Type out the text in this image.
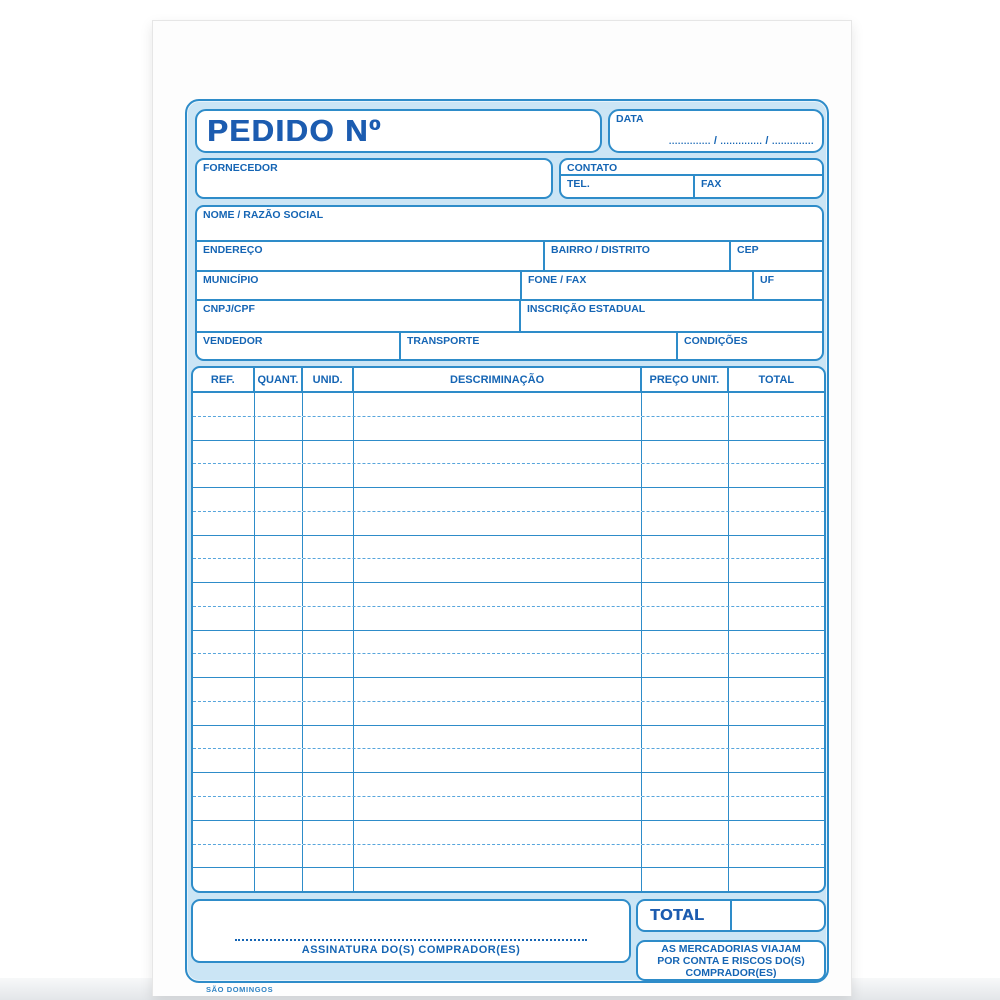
PEDIDO Nº	DATA
.............. / .............. / ..............
FORNECEDOR	CONTATO
TEL.	FAX
NOME / RAZÃO SOCIAL
ENDEREÇO	BAIRRO / DISTRITO	CEP
MUNICÍPIO	FONE / FAX	UF
CNPJ/CPF	INSCRIÇÃO ESTADUAL
VENDEDOR	TRANSPORTE	CONDIÇÕES
REF.	QUANT.	UNID.	DESCRIMINAÇÃO	PREÇO UNIT.	TOTAL
ASSINATURA DO(S) COMPRADOR(ES)
TOTAL
AS MERCADORIAS VIAJAM
POR CONTA E RISCOS DO(S)
COMPRADOR(ES)
SÃO DOMINGOS
